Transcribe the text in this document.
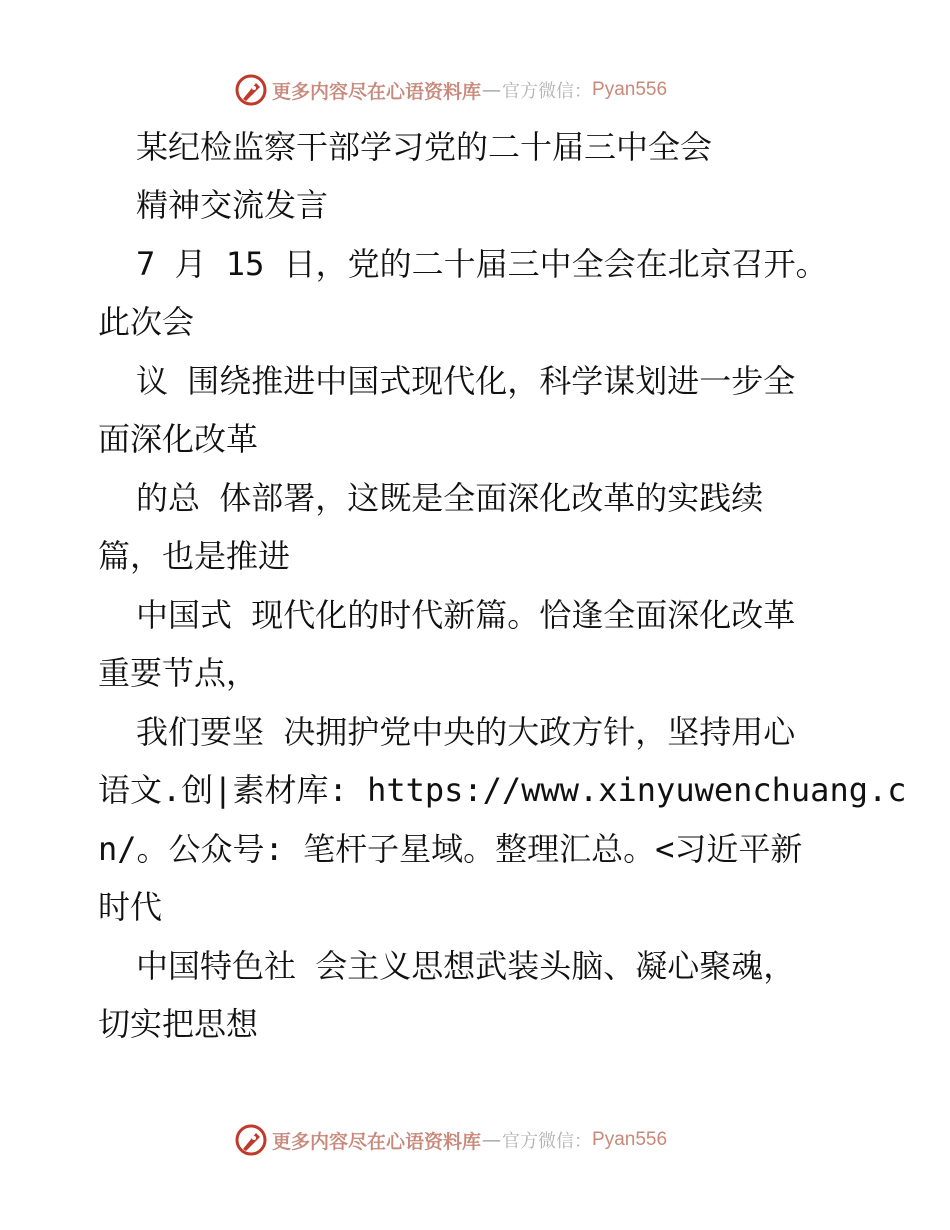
更多内容尽在心语资料库 — 官方微信： Pyan556
某纪检监察干部学习党的二十届三中全会
精神交流发言
7 月 15 日，党的二十届三中全会在北京召开。
此次会
议 围绕推进中国式现代化，科学谋划进一步全
面深化改革
的总 体部署，这既是全面深化改革的实践续
篇，也是推进
中国式 现代化的时代新篇。恰逢全面深化改革
重要节点，
我们要坚 决拥护党中央的大政方针，坚持用心
语文.创|素材库: https://www.xinyuwenchuang.c
n/。公众号: 笔杆子星域。整理汇总。<习近平新
时代
中国特色社 会主义思想武装头脑、凝心聚魂，
切实把思想
更多内容尽在心语资料库 — 官方微信： Pyan556
